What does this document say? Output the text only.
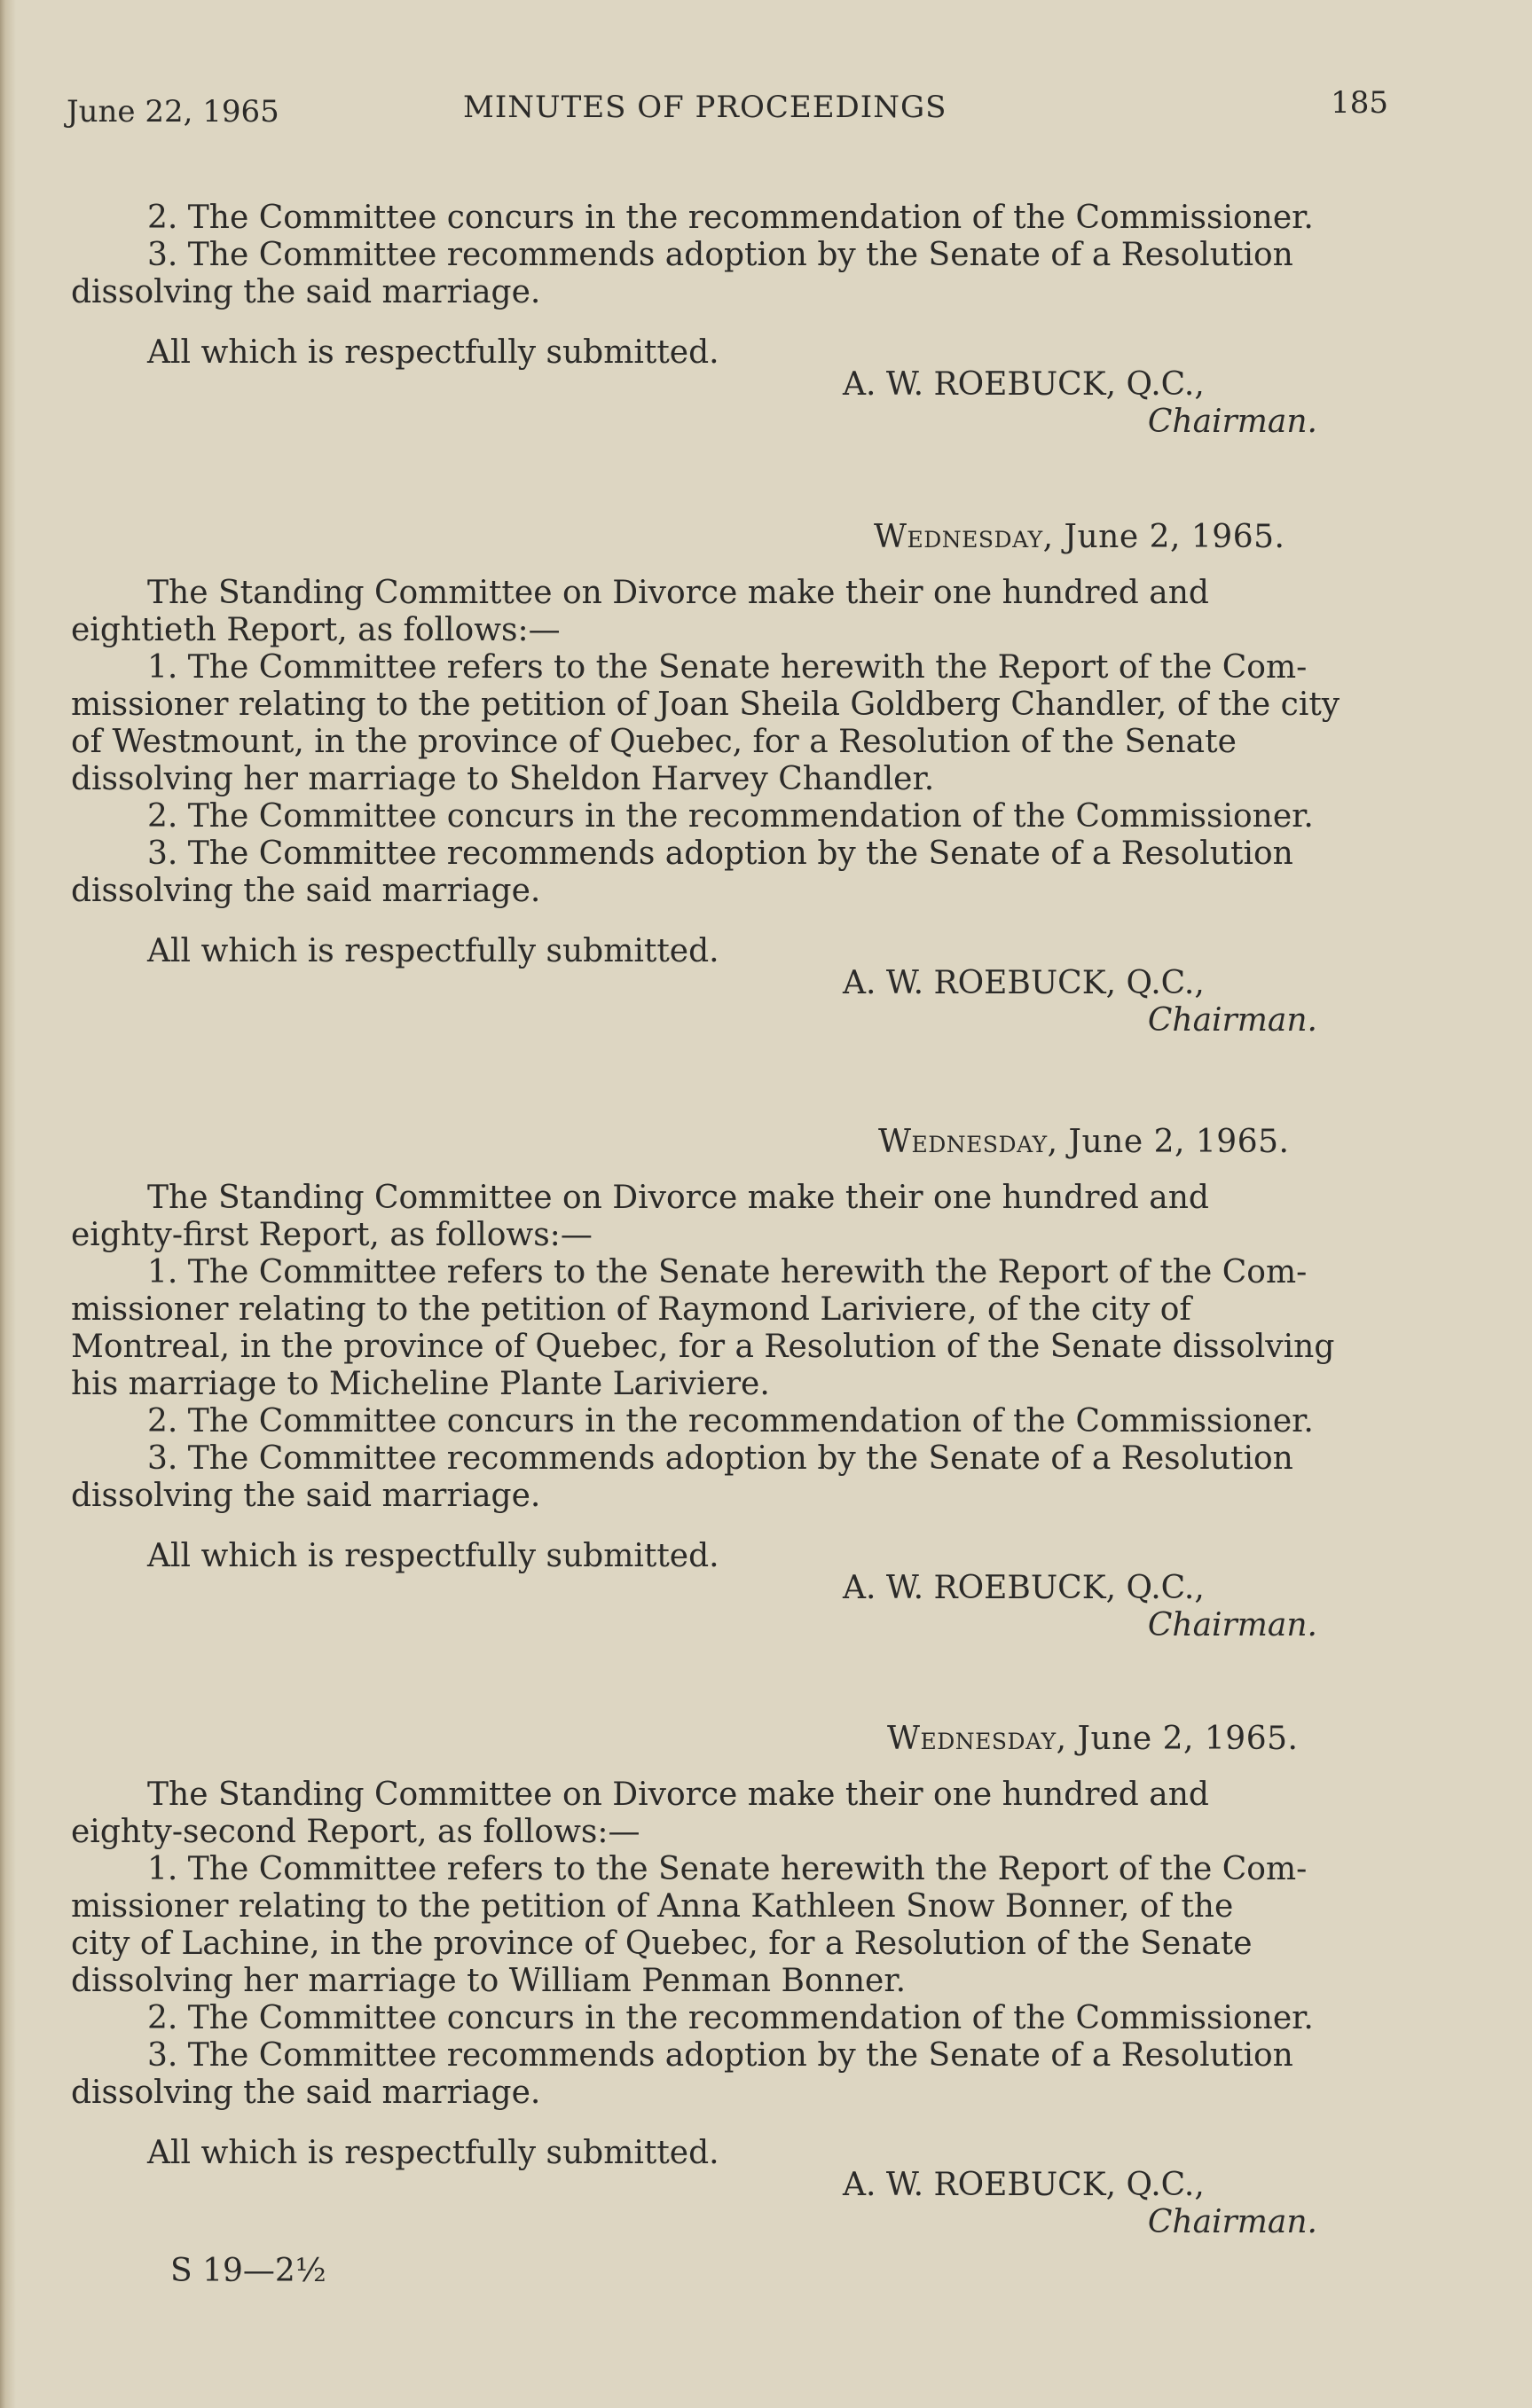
June 22, 1965	MINUTES OF PROCEEDINGS	185

2. The Committee concurs in the recommendation of the Commissioner.

3. The Committee recommends adoption by the Senate of a Resolution

dissolving the said marriage.

All which is respectfully submitted.

A. W. ROEBUCK, Q.C.,
Chairman.
Wednesday, June 2, 1965.

The Standing Committee on Divorce make their one hundred and

eightieth Report, as follows:—

1. The Committee refers to the Senate herewith the Report of the Com-

missioner relating to the petition of Joan Sheila Goldberg Chandler, of the city

of Westmount, in the province of Quebec, for a Resolution of the Senate

dissolving her marriage to Sheldon Harvey Chandler.

2. The Committee concurs in the recommendation of the Commissioner.

3. The Committee recommends adoption by the Senate of a Resolution

dissolving the said marriage.

All which is respectfully submitted.

A. W. ROEBUCK, Q.C.,
Chairman.
Wednesday, June 2, 1965.

The Standing Committee on Divorce make their one hundred and

eighty-first Report, as follows:—

1. The Committee refers to the Senate herewith the Report of the Com-

missioner relating to the petition of Raymond Lariviere, of the city of

Montreal, in the province of Quebec, for a Resolution of the Senate dissolving

his marriage to Micheline Plante Lariviere.

2. The Committee concurs in the recommendation of the Commissioner.

3. The Committee recommends adoption by the Senate of a Resolution

dissolving the said marriage.

All which is respectfully submitted.

A. W. ROEBUCK, Q.C.,
Chairman.
Wednesday, June 2, 1965.

The Standing Committee on Divorce make their one hundred and

eighty-second Report, as follows:—

1. The Committee refers to the Senate herewith the Report of the Com-

missioner relating to the petition of Anna Kathleen Snow Bonner, of the

city of Lachine, in the province of Quebec, for a Resolution of the Senate

dissolving her marriage to William Penman Bonner.

2. The Committee concurs in the recommendation of the Commissioner.

3. The Committee recommends adoption by the Senate of a Resolution

dissolving the said marriage.

All which is respectfully submitted.

A. W. ROEBUCK, Q.C.,
Chairman.
S 19—2½
